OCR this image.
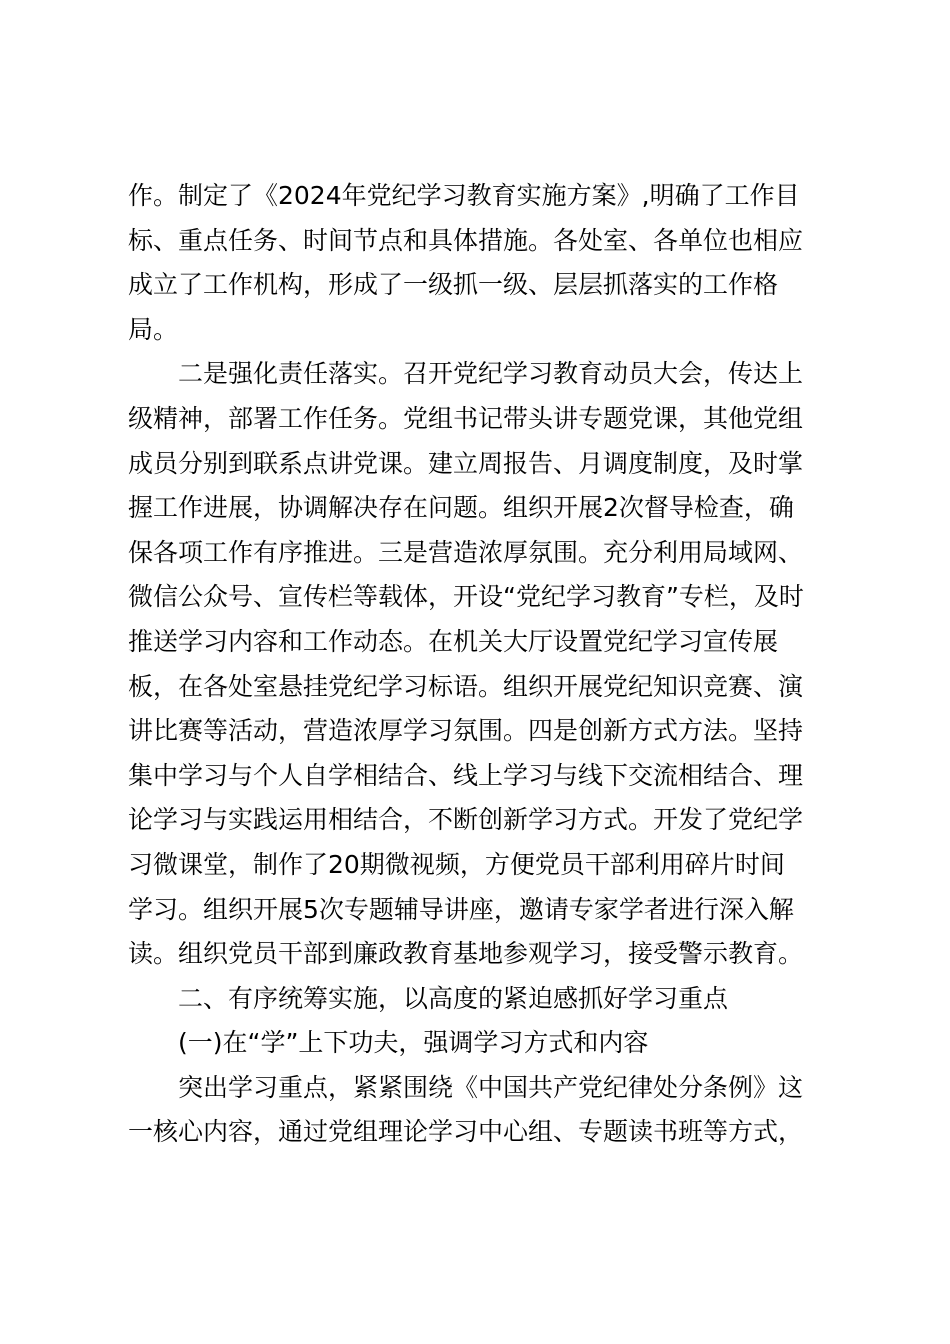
作。制定了《2024年党纪学习教育实施方案》,明确了工作目
标、重点任务、时间节点和具体措施。各处室、各单位也相应
成立了工作机构，形成了一级抓一级、层层抓落实的工作格
局。
二是强化责任落实。召开党纪学习教育动员大会，传达上
级精神，部署工作任务。党组书记带头讲专题党课，其他党组
成员分别到联系点讲党课。建立周报告、月调度制度，及时掌
握工作进展，协调解决存在问题。组织开展2次督导检查，确
保各项工作有序推进。三是营造浓厚氛围。充分利用局域网、
微信公众号、宣传栏等载体，开设“党纪学习教育”专栏，及时
推送学习内容和工作动态。在机关大厅设置党纪学习宣传展
板，在各处室悬挂党纪学习标语。组织开展党纪知识竞赛、演
讲比赛等活动，营造浓厚学习氛围。四是创新方式方法。坚持
集中学习与个人自学相结合、线上学习与线下交流相结合、理
论学习与实践运用相结合，不断创新学习方式。开发了党纪学
习微课堂，制作了20期微视频，方便党员干部利用碎片时间
学习。组织开展5次专题辅导讲座，邀请专家学者进行深入解
读。组织党员干部到廉政教育基地参观学习，接受警示教育。
二、有序统筹实施，以高度的紧迫感抓好学习重点
(一)在“学”上下功夫，强调学习方式和内容
突出学习重点，紧紧围绕《中国共产党纪律处分条例》这
一核心内容，通过党组理论学习中心组、专题读书班等方式，
